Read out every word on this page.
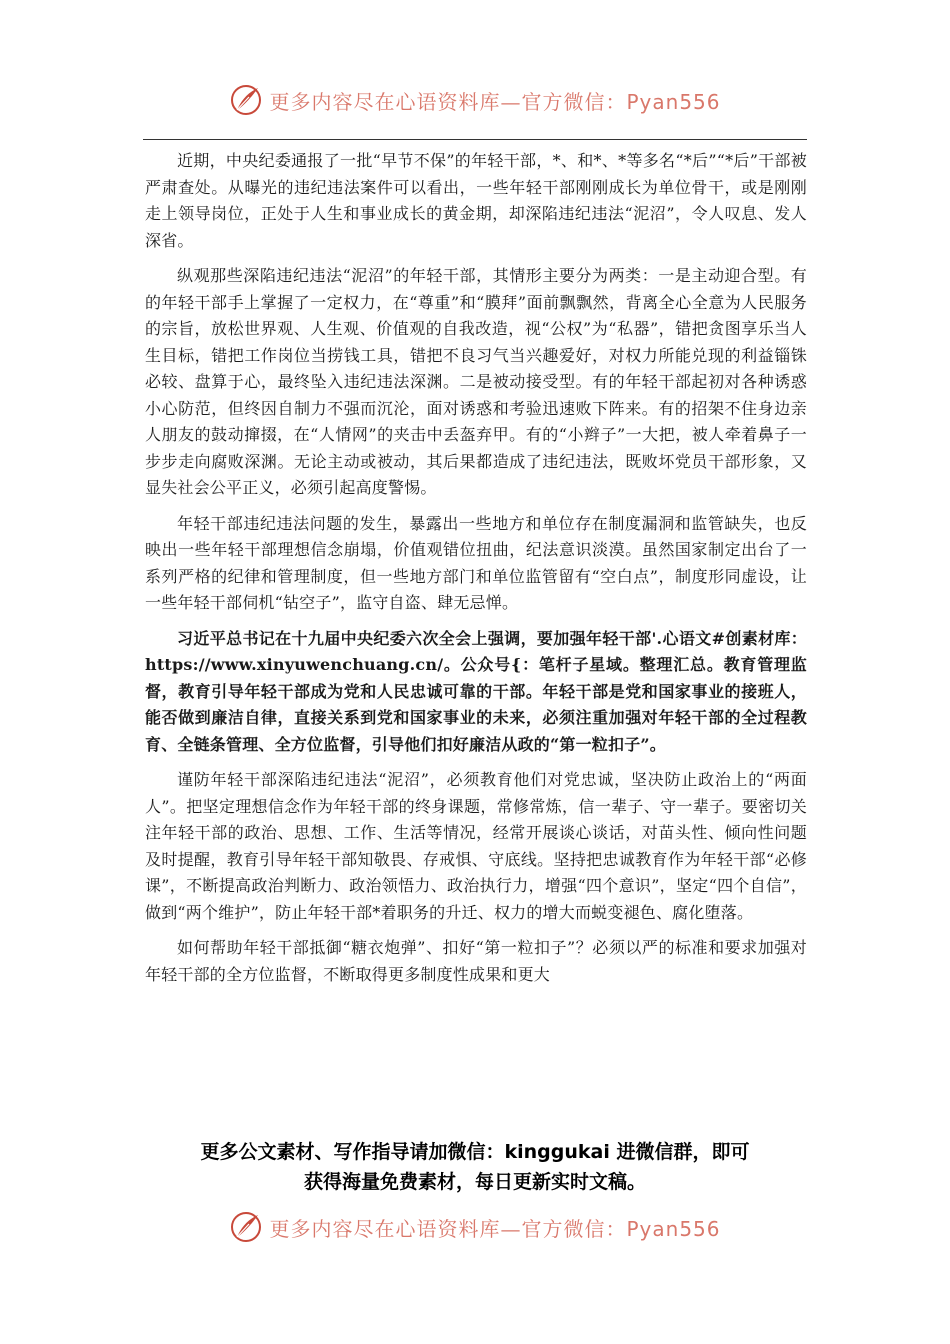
更多内容尽在心语资料库—官方微信：Pyan556

近期，中央纪委通报了一批“早节不保”的年轻干部，*、和*、*等多名“*后”“*后”干部被严肃查处。从曝光的违纪违法案件可以看出，一些年轻干部刚刚成长为单位骨干，或是刚刚走上领导岗位，正处于人生和事业成长的黄金期，却深陷违纪违法“泥沼”，令人叹息、发人深省。

纵观那些深陷违纪违法“泥沼”的年轻干部，其情形主要分为两类：一是主动迎合型。有的年轻干部手上掌握了一定权力，在“尊重”和“膜拜”面前飘飘然，背离全心全意为人民服务的宗旨，放松世界观、人生观、价值观的自我改造，视“公权”为“私器”，错把贪图享乐当人生目标，错把工作岗位当捞钱工具，错把不良习气当兴趣爱好，对权力所能兑现的利益锱铢必较、盘算于心，最终坠入违纪违法深渊。二是被动接受型。有的年轻干部起初对各种诱惑小心防范，但终因自制力不强而沉沦，面对诱惑和考验迅速败下阵来。有的招架不住身边亲人朋友的鼓动撺掇，在“人情网”的夹击中丢盔弃甲。有的“小辫子”一大把，被人牵着鼻子一步步走向腐败深渊。无论主动或被动，其后果都造成了违纪违法，既败坏党员干部形象，又显失社会公平正义，必须引起高度警惕。

年轻干部违纪违法问题的发生，暴露出一些地方和单位存在制度漏洞和监管缺失，也反映出一些年轻干部理想信念崩塌，价值观错位扭曲，纪法意识淡漠。虽然国家制定出台了一系列严格的纪律和管理制度，但一些地方部门和单位监管留有“空白点”，制度形同虚设，让一些年轻干部伺机“钻空子”，监守自盗、肆无忌惮。

习近平总书记在十九届中央纪委六次全会上强调，要加强年轻干部'.心语文#创素材库：https://www.xinyuwenchuang.cn/。公众号{：笔杆子星域。整理汇总。教育管理监督，教育引导年轻干部成为党和人民忠诚可靠的干部。年轻干部是党和国家事业的接班人，能否做到廉洁自律，直接关系到党和国家事业的未来，必须注重加强对年轻干部的全过程教育、全链条管理、全方位监督，引导他们扣好廉洁从政的“第一粒扣子”。

谨防年轻干部深陷违纪违法“泥沼”，必须教育他们对党忠诚，坚决防止政治上的“两面人”。把坚定理想信念作为年轻干部的终身课题，常修常炼，信一辈子、守一辈子。要密切关注年轻干部的政治、思想、工作、生活等情况，经常开展谈心谈话，对苗头性、倾向性问题及时提醒，教育引导年轻干部知敬畏、存戒惧、守底线。坚持把忠诚教育作为年轻干部“必修课”，不断提高政治判断力、政治领悟力、政治执行力，增强“四个意识”，坚定“四个自信”，做到“两个维护”，防止年轻干部*着职务的升迁、权力的增大而蜕变褪色、腐化堕落。

如何帮助年轻干部抵御“糖衣炮弹”、扣好“第一粒扣子”？必须以严的标准和要求加强对年轻干部的全方位监督，不断取得更多制度性成果和更大

更多公文素材、写作指导请加微信：kinggukai 进微信群，即可
获得海量免费素材，每日更新实时文稿。
更多内容尽在心语资料库—官方微信：Pyan556
